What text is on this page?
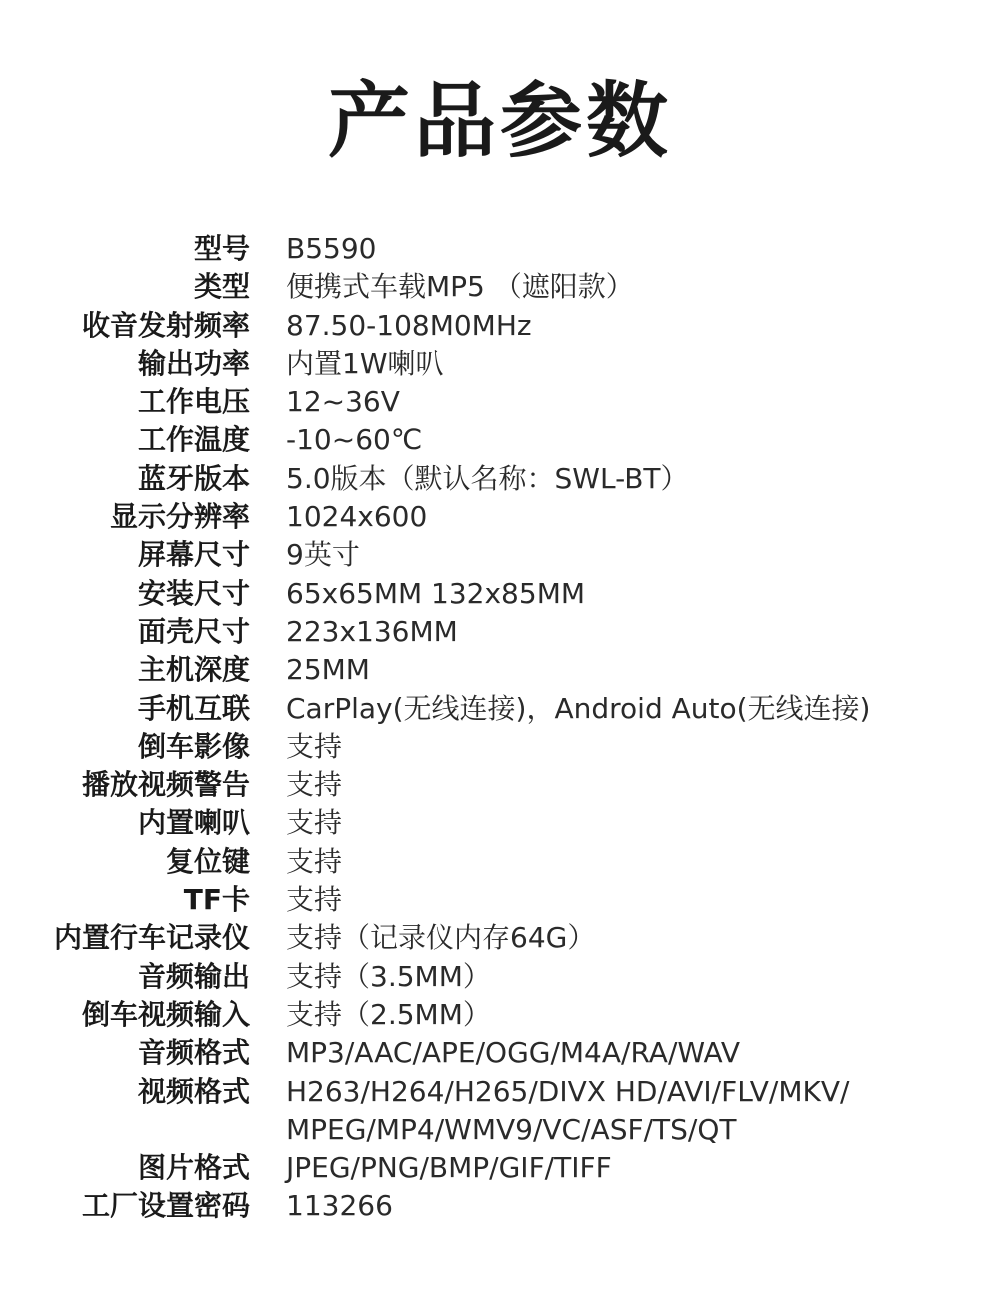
产品参数
型号 B5590
类型 便携式车载MP5 （遮阳款）
收音发射频率 87.50-108M0MHz
输出功率 内置1W喇叭
工作电压 12~36V
工作温度 -10~60℃
蓝牙版本 5.0版本（默认名称：SWL-BT）
显示分辨率 1024x600
屏幕尺寸 9英寸
安装尺寸 65x65MM 132x85MM
面壳尺寸 223x136MM
主机深度 25MM
手机互联 CarPlay(无线连接)，Android Auto(无线连接)
倒车影像 支持
播放视频警告 支持
内置喇叭 支持
复位键 支持
TF卡 支持
内置行车记录仪 支持（记录仪内存64G）
音频输出 支持（3.5MM）
倒车视频输入 支持（2.5MM）
音频格式 MP3/AAC/APE/OGG/M4A/RA/WAV
视频格式 H263/H264/H265/DIVX HD/AVI/FLV/MKV/
MPEG/MP4/WMV9/VC/ASF/TS/QT
图片格式 JPEG/PNG/BMP/GIF/TIFF
工厂设置密码 113266
